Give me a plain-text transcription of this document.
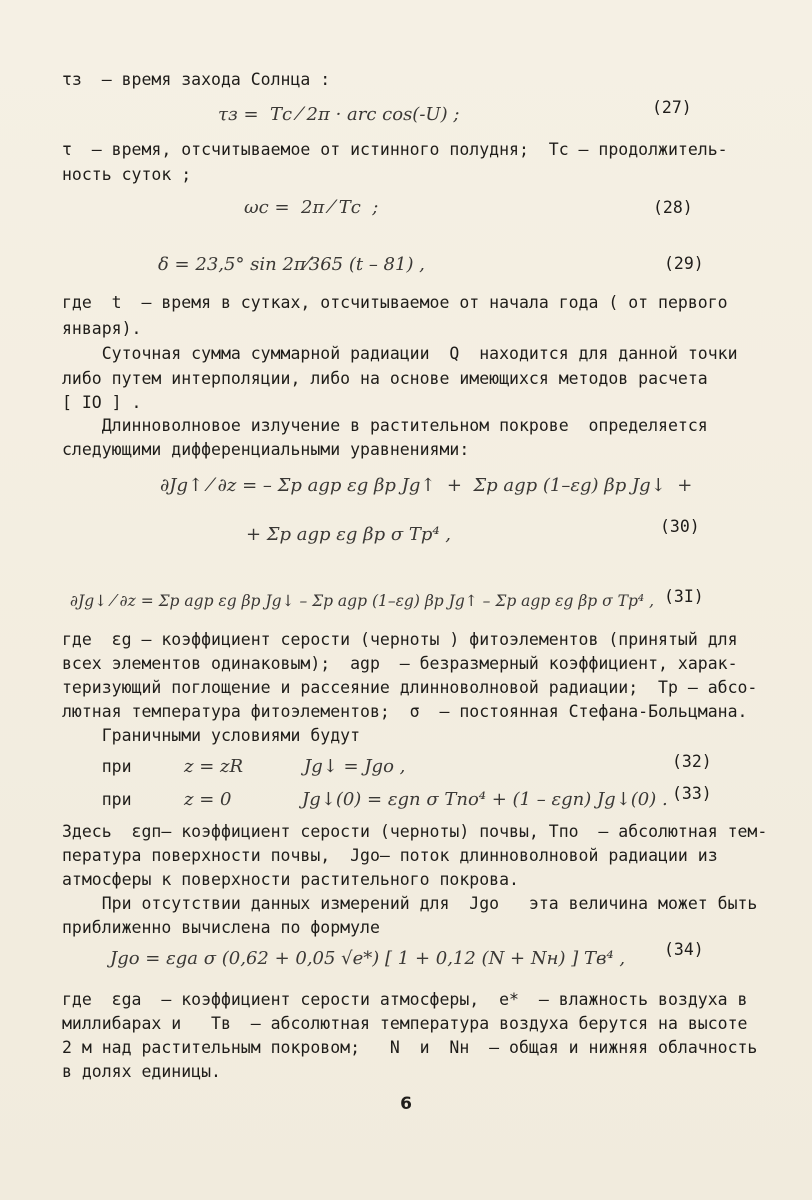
τз  – время захода Солнца :
τз =  Tс ⁄ 2π · arc cos(-U) ;	(27)
τ  – время, отсчитываемое от истинного полудня;  Tс – продолжитель-
ность суток ;
ωс =  2π ⁄ Tс  ;	(28)
δ = 23,5° sin 2π⁄365 (t – 81) ,	(29)
где  t  – время в сутках, отсчитываемое от начала года ( от первого
января).
Суточная сумма суммарной радиации  Q  находится для данной точки
либо путем интерполяции, либо на основе имеющихся методов расчета
[ IO ] .
Длинноволновое излучение в растительном покрове  определяется
следующими дифференциальными уравнениями:
∂Jg↑ ⁄ ∂z = – Σp agp εg βp Jg↑  +  Σp agp (1–εg) βp Jg↓  +
+ Σp agp εg βp σ Tp⁴ ,	(30)
∂Jg↓ ⁄ ∂z = Σp agp εg βp Jg↓ – Σp agp (1–εg) βp Jg↑ – Σp agp εg βp σ Tp⁴ , (3I)
где  εg – коэффициент серости (черноты ) фитоэлементов (принятый для
всех элементов одинаковым);  agp  – безразмерный коэффициент, харак-
теризующий поглощение и рассеяние длинноволновой радиации;  Tp – абсо-
лютная температура фитоэлементов;  σ  – постоянная Стефана-Больцмана.
Граничными условиями будут
при	z = zR	Jg↓ = Jgo ,	(32)
при	z = 0	Jg↓(0) = εgп σ Tпо⁴ + (1 – εgп) Jg↓(0) . (33)
Здесь  εgп– коэффициент серости (черноты) почвы, Tпо  – абсолютная тем-
пература поверхности почвы,  Jgo– поток длинноволновой радиации из
атмосферы к поверхности растительного покрова.
При отсутствии данных измерений для  Jgo   эта величина может быть
приближенно вычислена по формуле
Jgo = εga σ (0,62 + 0,05 √e*) [ 1 + 0,12 (N + Nн) ] Tв⁴ , (34)
где  εga  – коэффициент серости атмосферы,  e*  – влажность воздуха в
миллибарах и   Tв  – абсолютная температура воздуха берутся на высоте
2 м над растительным покровом;   N  и  Nн  – общая и нижняя облачность
в долях единицы.
6
